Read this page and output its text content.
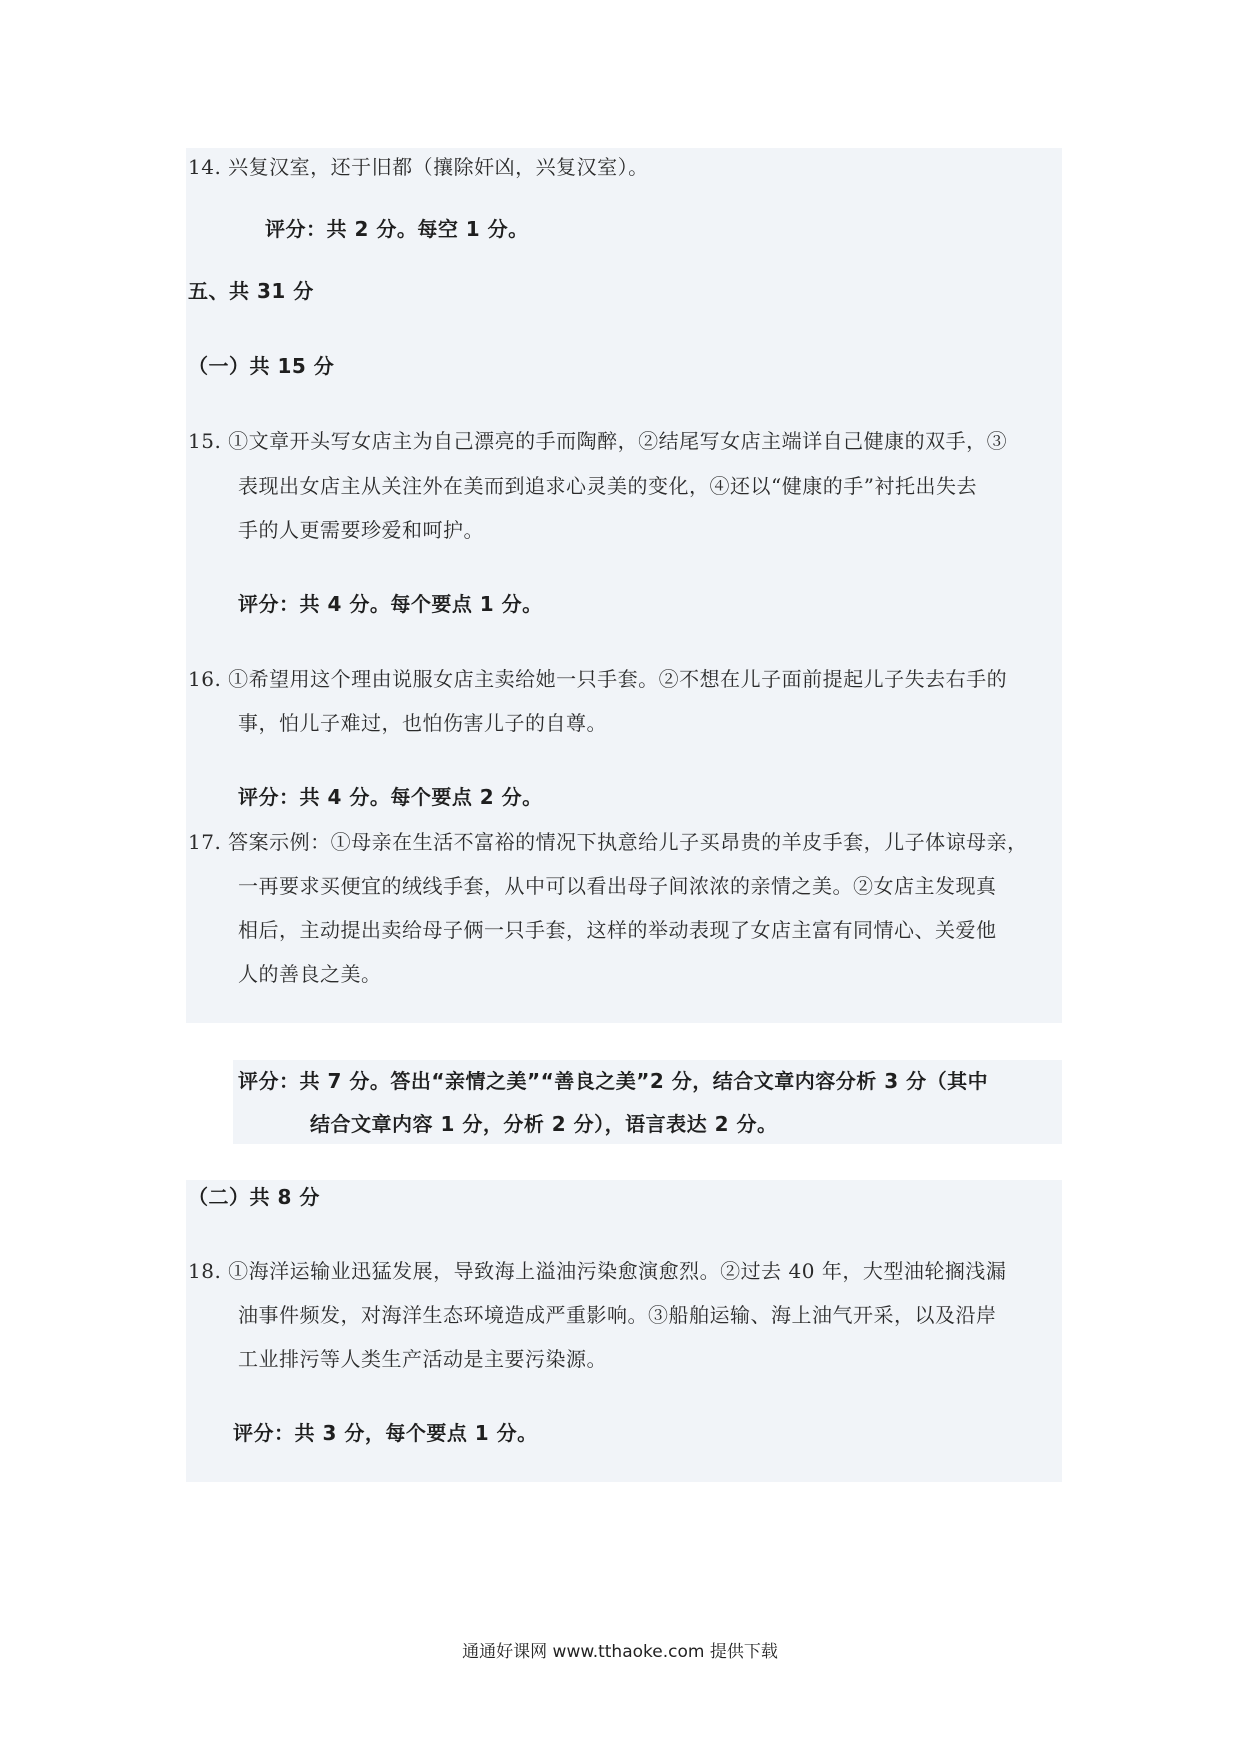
14. 兴复汉室，还于旧都（攘除奸凶，兴复汉室）。
评分：共 2 分。每空 1 分。
五、共 31 分
（一）共 15 分
15. ①文章开头写女店主为自己漂亮的手而陶醉，②结尾写女店主端详自己健康的双手，③
表现出女店主从关注外在美而到追求心灵美的变化，④还以“健康的手”衬托出失去
手的人更需要珍爱和呵护。
评分：共 4 分。每个要点 1 分。
16. ①希望用这个理由说服女店主卖给她一只手套。②不想在儿子面前提起儿子失去右手的
事，怕儿子难过，也怕伤害儿子的自尊。
评分：共 4 分。每个要点 2 分。
17. 答案示例：①母亲在生活不富裕的情况下执意给儿子买昂贵的羊皮手套，儿子体谅母亲，
一再要求买便宜的绒线手套，从中可以看出母子间浓浓的亲情之美。②女店主发现真
相后，主动提出卖给母子俩一只手套，这样的举动表现了女店主富有同情心、关爱他
人的善良之美。
评分：共 7 分。答出“亲情之美”“善良之美”2 分，结合文章内容分析 3 分（其中
结合文章内容 1 分，分析 2 分），语言表达 2 分。
（二）共 8 分
18. ①海洋运输业迅猛发展，导致海上溢油污染愈演愈烈。②过去 40 年，大型油轮搁浅漏
油事件频发，对海洋生态环境造成严重影响。③船舶运输、海上油气开采，以及沿岸
工业排污等人类生产活动是主要污染源。
评分：共 3 分，每个要点 1 分。
通通好课网 www.tthaoke.com 提供下载
